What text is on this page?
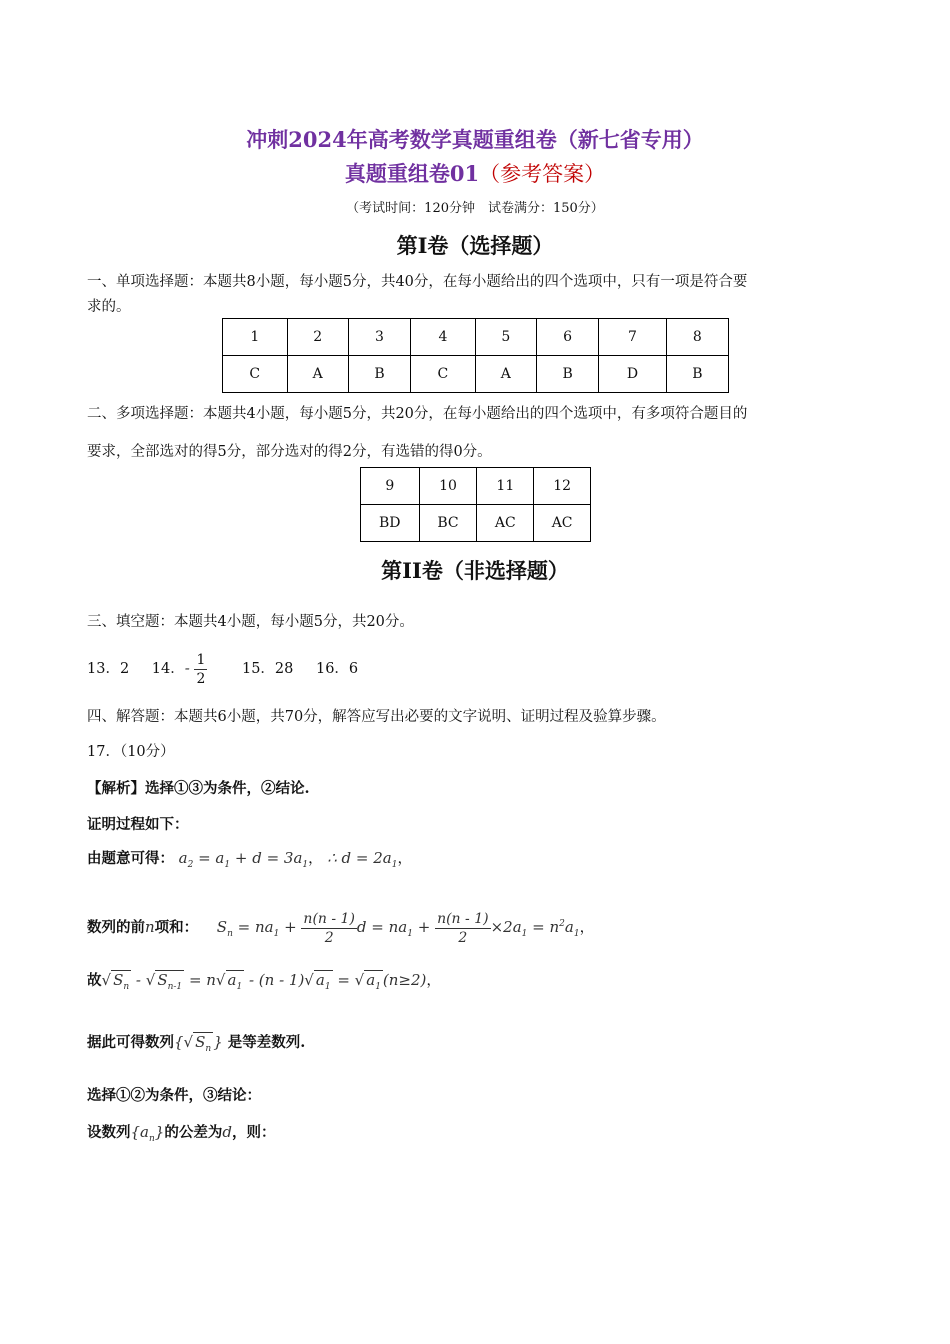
冲刺2024年高考数学真题重组卷（新七省专用）
真题重组卷01（参考答案）
（考试时间：120分钟　试卷满分：150分）
第I卷（选择题）
一、单项选择题：本题共8小题，每小题5分，共40分，在每小题给出的四个选项中，只有一项是符合要
求的。
1	2	3	4	5	6	7	8
C	A	B	C	A	B	D	B
二、多项选择题：本题共4小题，每小题5分，共20分，在每小题给出的四个选项中，有多项符合题目的
要求，全部选对的得5分，部分选对的得2分，有选错的得0分。
9	10	11	12
BD	BC	AC	AC
第II卷（非选择题）
三、填空题：本题共4小题，每小题5分，共20分。
13．2 14．- $\frac{1}{2} 15$．28 16．6
四、解答题：本题共6小题，共70分，解答应写出必要的文字说明、证明过程及验算步骤。
17．（10分）
【解析】选择①③为条件，②结论.
证明过程如下：
由题意可得： $a_2 = a_1 + d = 3a_1$， ∴ $d = 2a_1$，
数列的前n项和： $S_n = na_1 + \frac{n(n - 1)}{2}$ $d = na_1 + \frac{n(n - 1)}{2} \times 2a_1 = n^2a_1$，
故√ $S_n$ - √ $S_{n-1} = n√$ $a_1 - (n - 1)√$ $a_1$ = √ $a_1$ (n≥2)，
据此可得数列{√ $S_n$ } 是等差数列.
选择①②为条件，③结论：
设数列$\{a_n\}$的公差为d，则：
